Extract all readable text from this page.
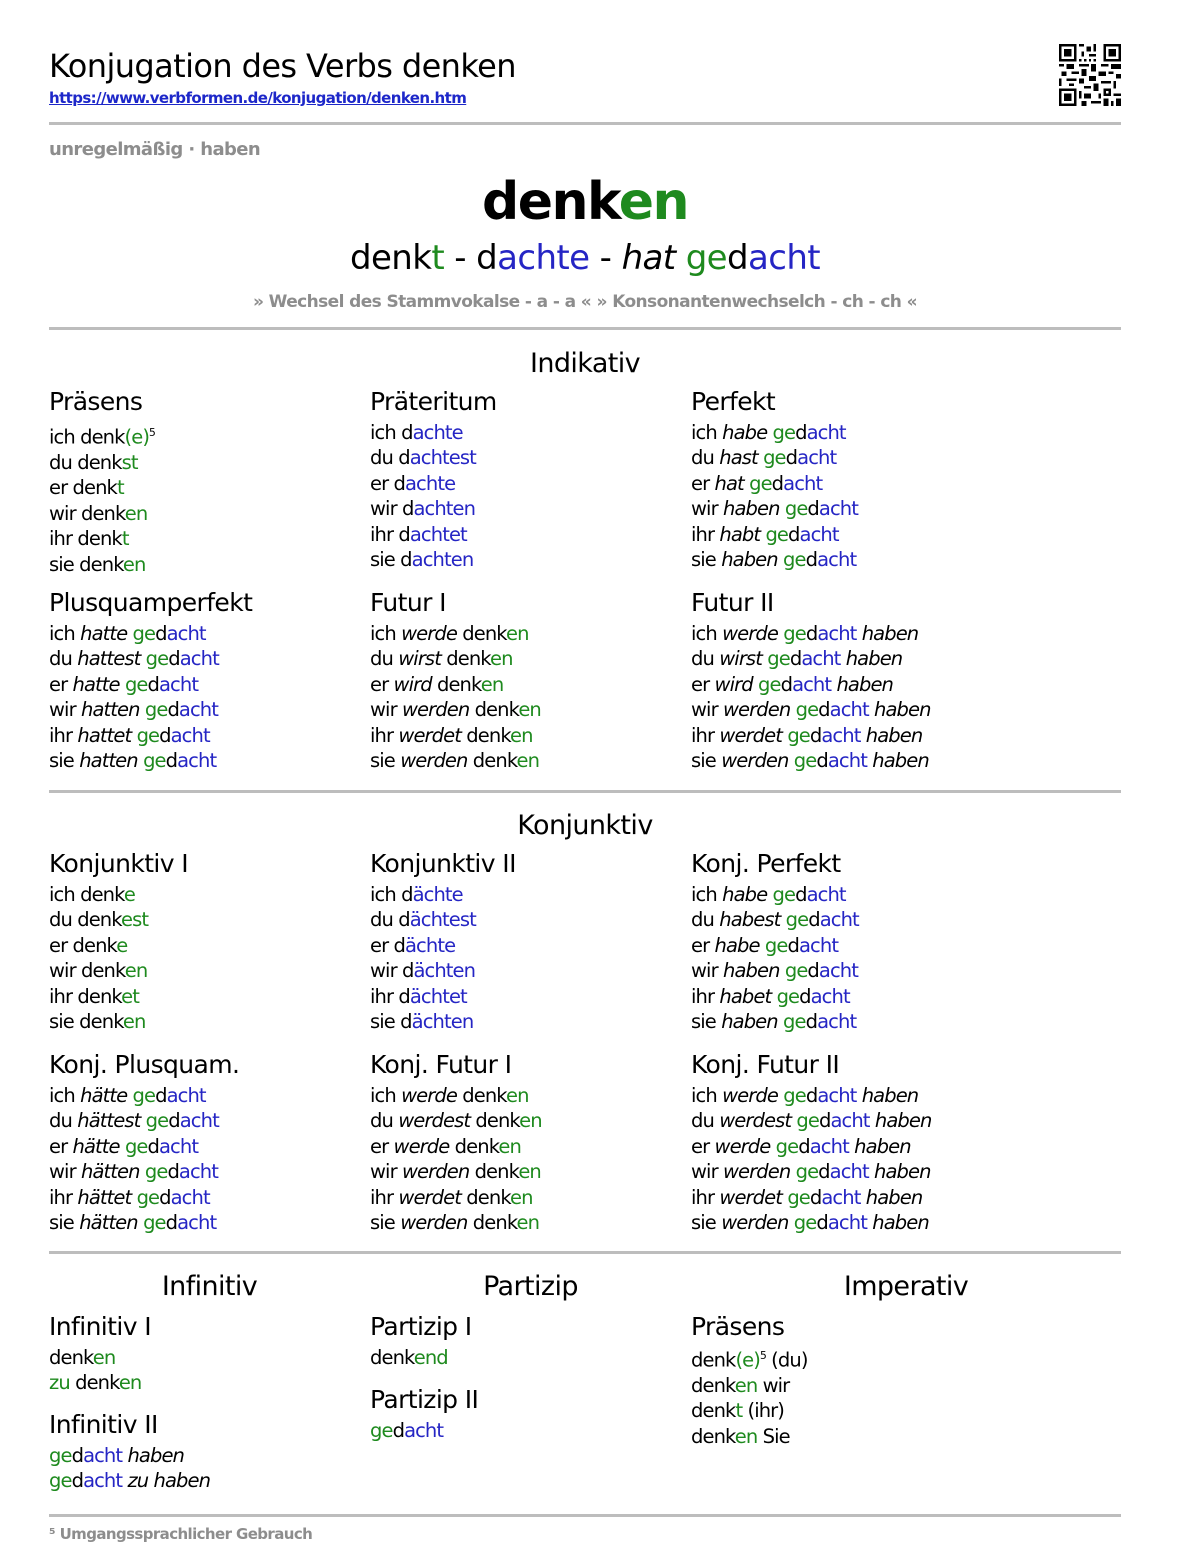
Konjugation des Verbs denken
https://www.verbformen.de/konjugation/denken.htm
unregelmäßig · haben
denken
denkt - dachte - hat gedacht
» Wechsel des Stammvokalse - a - a « » Konsonantenwechselch - ch - ch «
Indikativ
Präsens
ich $denk(e)^5$
du denkst
er denkt
wir denken
ihr denkt
sie denken
Präteritum
ich dachte
du dachtest
er dachte
wir dachten
ihr dachtet
sie dachten
Perfekt
ich habe gedacht
du hast gedacht
er hat gedacht
wir haben gedacht
ihr habt gedacht
sie haben gedacht
Plusquamperfekt
ich hatte gedacht
du hattest gedacht
er hatte gedacht
wir hatten gedacht
ihr hattet gedacht
sie hatten gedacht
Futur I
ich werde denken
du wirst denken
er wird denken
wir werden denken
ihr werdet denken
sie werden denken
Futur II
ich werde gedacht haben
du wirst gedacht haben
er wird gedacht haben
wir werden gedacht haben
ihr werdet gedacht haben
sie werden gedacht haben
Konjunktiv
Konjunktiv I
ich denke
du denkest
er denke
wir denken
ihr denket
sie denken
Konjunktiv II
ich dächte
du dächtest
er dächte
wir dächten
ihr dächtet
sie dächten
Konj. Perfekt
ich habe gedacht
du habest gedacht
er habe gedacht
wir haben gedacht
ihr habet gedacht
sie haben gedacht
Konj. Plusquam.
ich hätte gedacht
du hättest gedacht
er hätte gedacht
wir hätten gedacht
ihr hättet gedacht
sie hätten gedacht
Konj. Futur I
ich werde denken
du werdest denken
er werde denken
wir werden denken
ihr werdet denken
sie werden denken
Konj. Futur II
ich werde gedacht haben
du werdest gedacht haben
er werde gedacht haben
wir werden gedacht haben
ihr werdet gedacht haben
sie werden gedacht haben
Infinitiv	Partizip	Imperativ
Infinitiv I
denken
zu denken
Infinitiv II
gedacht haben
gedacht zu haben
Partizip I
denkend
Partizip II
gedacht
Präsens
$denk(e)^5$ (du)
denken wir
denkt (ihr)
denken Sie
⁵ Umgangssprachlicher Gebrauch
